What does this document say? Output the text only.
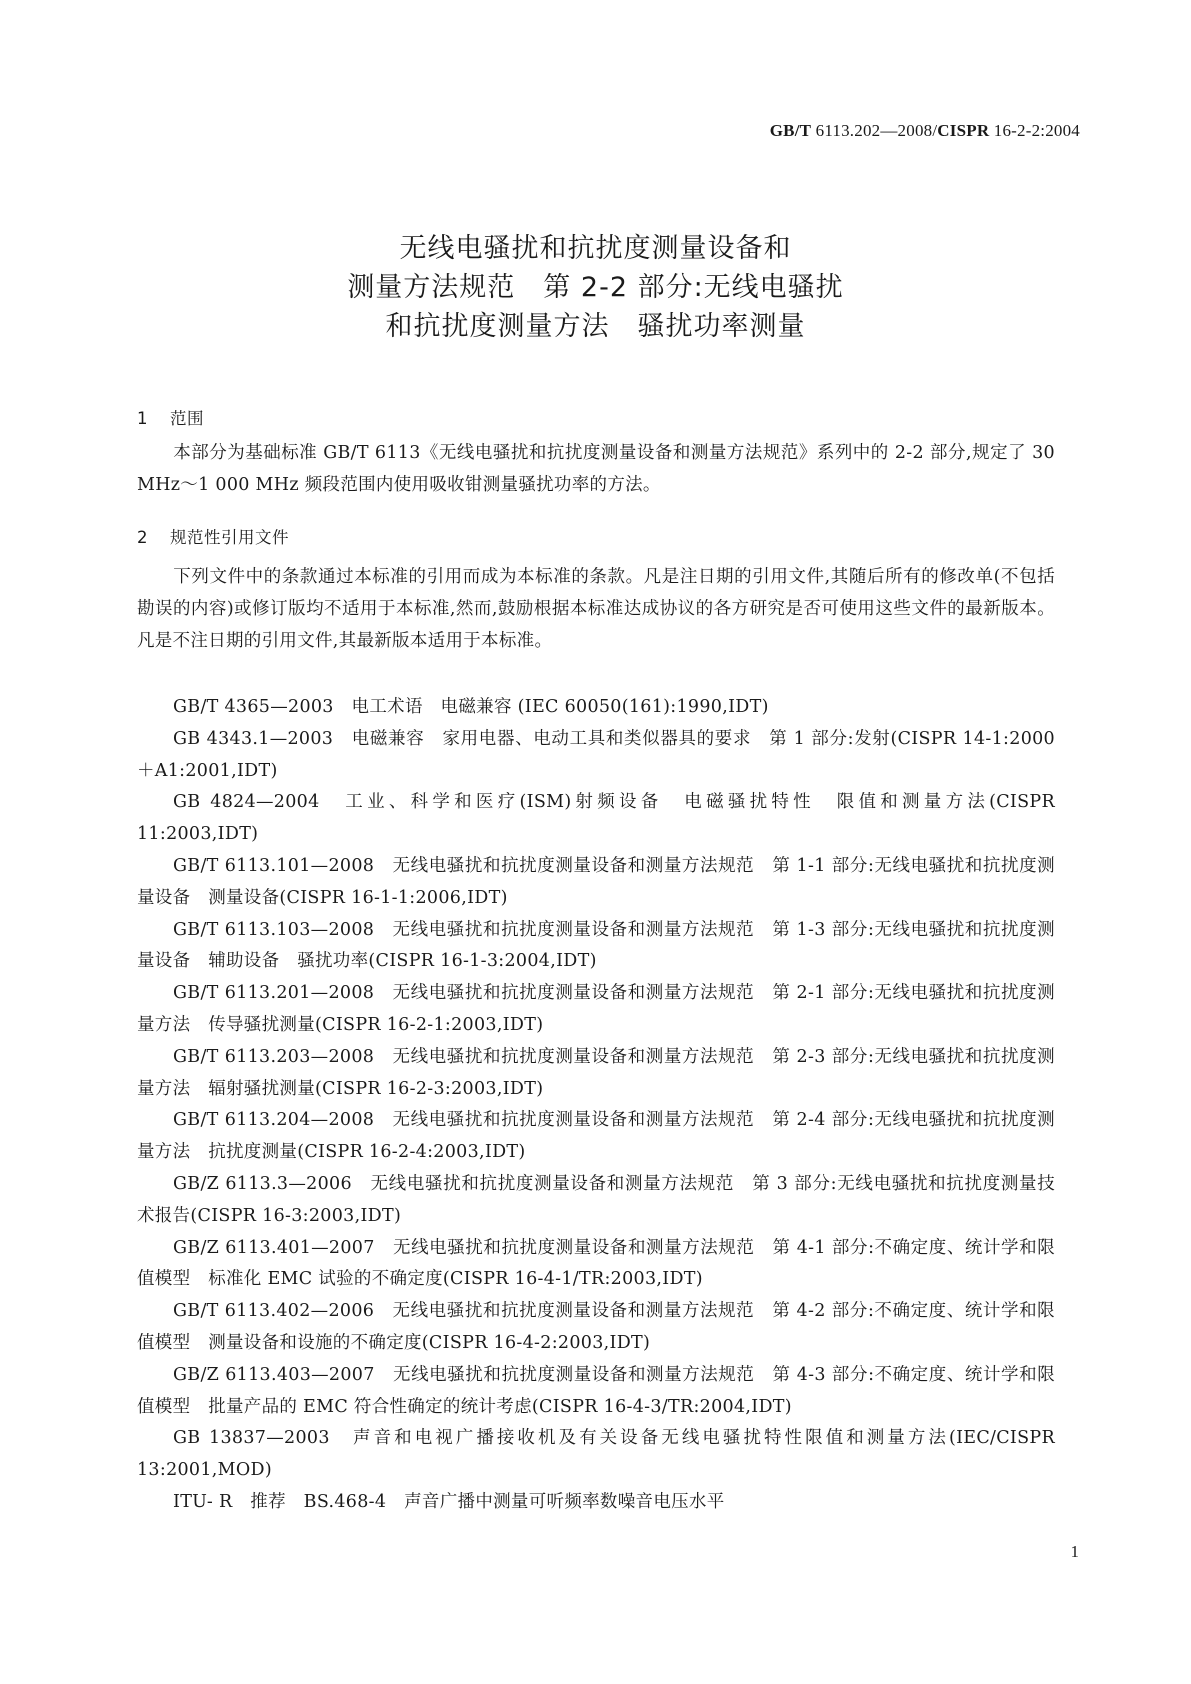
GB/T 6113.202—2008/CISPR 16-2-2:2004
无线电骚扰和抗扰度测量设备和
测量方法规范　第 2-2 部分:无线电骚扰
和抗扰度测量方法　骚扰功率测量
1 范围

本部分为基础标准 GB/T 6113《无线电骚扰和抗扰度测量设备和测量方法规范》系列中的 2-2 部分,规定了 30 MHz～1 000 MHz 频段范围内使用吸收钳测量骚扰功率的方法。

2 规范性引用文件

下列文件中的条款通过本标准的引用而成为本标准的条款。凡是注日期的引用文件,其随后所有的修改单(不包括勘误的内容)或修订版均不适用于本标准,然而,鼓励根据本标准达成协议的各方研究是否可使用这些文件的最新版本。凡是不注日期的引用文件,其最新版本适用于本标准。

GB/T 4365—2003　电工术语　电磁兼容 (IEC 60050(161):1990,IDT)

GB 4343.1—2003　电磁兼容　家用电器、电动工具和类似器具的要求　第 1 部分:发射(CISPR 14-1:2000＋A1:2001,IDT)

GB 4824—2004　工业、科学和医疗(ISM)射频设备　电磁骚扰特性　限值和测量方法(CISPR 11:2003,IDT)

GB/T 6113.101—2008　无线电骚扰和抗扰度测量设备和测量方法规范　第 1-1 部分:无线电骚扰和抗扰度测量设备　测量设备(CISPR 16-1-1:2006,IDT)

GB/T 6113.103—2008　无线电骚扰和抗扰度测量设备和测量方法规范　第 1-3 部分:无线电骚扰和抗扰度测量设备　辅助设备　骚扰功率(CISPR 16-1-3:2004,IDT)

GB/T 6113.201—2008　无线电骚扰和抗扰度测量设备和测量方法规范　第 2-1 部分:无线电骚扰和抗扰度测量方法　传导骚扰测量(CISPR 16-2-1:2003,IDT)

GB/T 6113.203—2008　无线电骚扰和抗扰度测量设备和测量方法规范　第 2-3 部分:无线电骚扰和抗扰度测量方法　辐射骚扰测量(CISPR 16-2-3:2003,IDT)

GB/T 6113.204—2008　无线电骚扰和抗扰度测量设备和测量方法规范　第 2-4 部分:无线电骚扰和抗扰度测量方法　抗扰度测量(CISPR 16-2-4:2003,IDT)

GB/Z 6113.3—2006　无线电骚扰和抗扰度测量设备和测量方法规范　第 3 部分:无线电骚扰和抗扰度测量技术报告(CISPR 16-3:2003,IDT)

GB/Z 6113.401—2007　无线电骚扰和抗扰度测量设备和测量方法规范　第 4-1 部分:不确定度、统计学和限值模型　标准化 EMC 试验的不确定度(CISPR 16-4-1/TR:2003,IDT)

GB/T 6113.402—2006　无线电骚扰和抗扰度测量设备和测量方法规范　第 4-2 部分:不确定度、统计学和限值模型　测量设备和设施的不确定度(CISPR 16-4-2:2003,IDT)

GB/Z 6113.403—2007　无线电骚扰和抗扰度测量设备和测量方法规范　第 4-3 部分:不确定度、统计学和限值模型　批量产品的 EMC 符合性确定的统计考虑(CISPR 16-4-3/TR:2004,IDT)

GB 13837—2003　声音和电视广播接收机及有关设备无线电骚扰特性限值和测量方法(IEC/CISPR 13:2001,MOD)

ITU- R　推荐　BS.468-4　声音广播中测量可听频率数噪音电压水平

1
